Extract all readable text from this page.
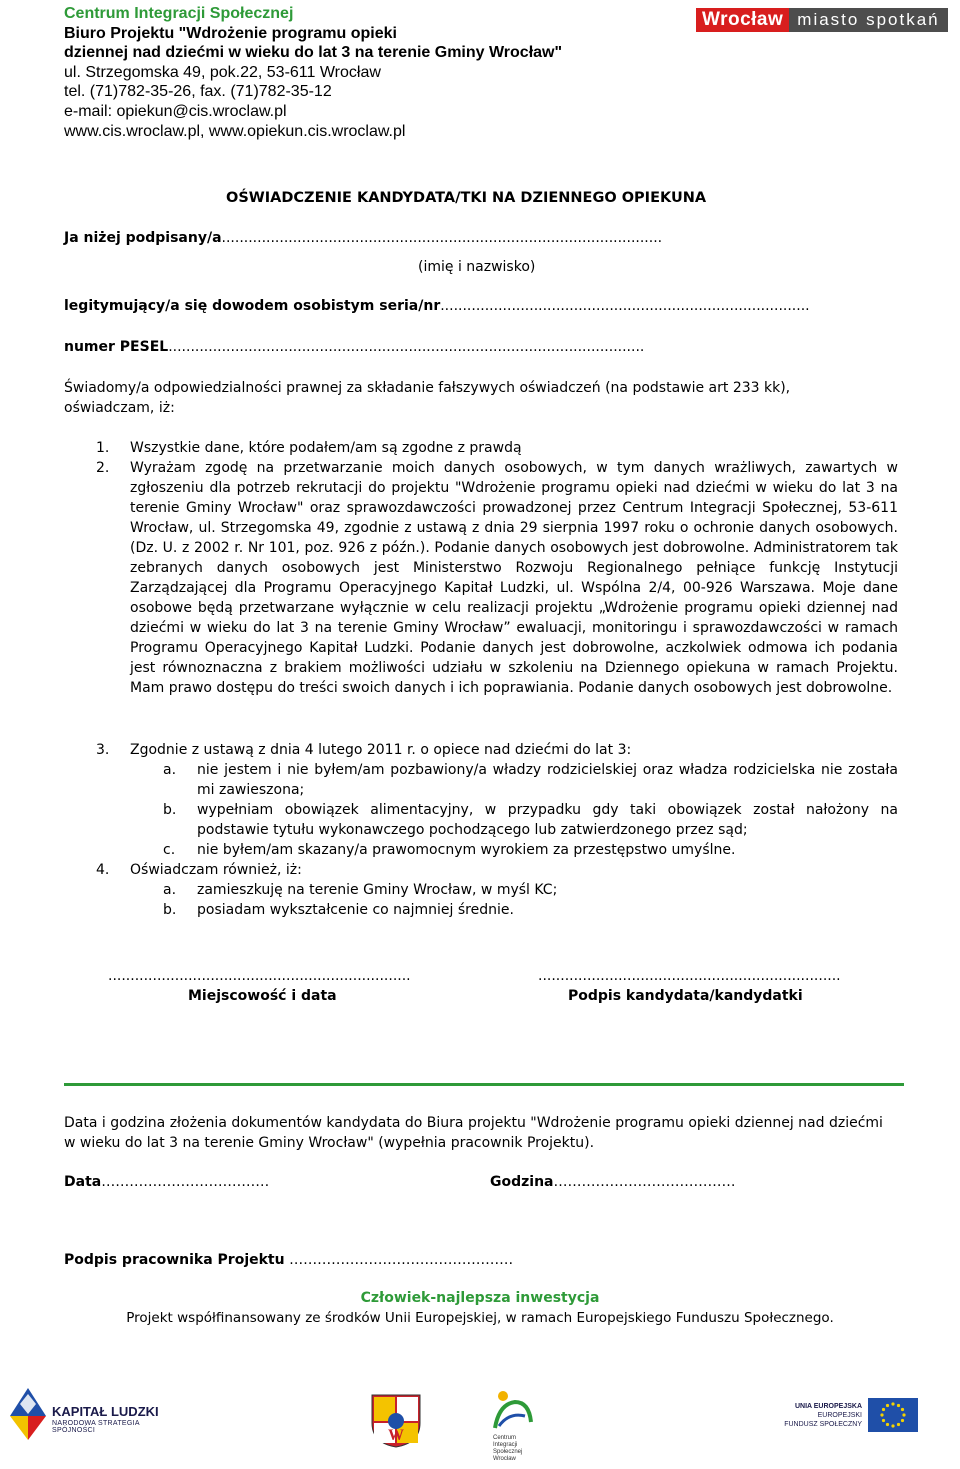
Centrum Integracji Społecznej
Biuro Projektu "Wdrożenie programu opieki
dziennej nad dziećmi w wieku do lat 3 na terenie Gminy Wrocław"
ul. Strzegomska 49, pok.22, 53-611 Wrocław
tel. (71)782-35-26, fax. (71)782-35-12
e-mail: opiekun@cis.wroclaw.pl
www.cis.wroclaw.pl, www.opiekun.cis.wroclaw.pl
Wrocław miasto spotkań
OŚWIADCZENIE KANDYDATA/TKI NA DZIENNEGO OPIEKUNA
Ja niżej podpisany/a...................................................................................................
(imię i nazwisko)
legitymujący/a się dowodem osobistym seria/nr...................................................................................
numer PESEL...........................................................................................................
Świadomy/a odpowiedzialności prawnej za składanie fałszywych oświadczeń (na podstawie art 233 kk), oświadczam, iż:
1. Wszystkie dane, które podałem/am są zgodne z prawdą
2. Wyrażam zgodę na przetwarzanie moich danych osobowych, w tym danych wrażliwych, zawartych w zgłoszeniu dla potrzeb rekrutacji do projektu "Wdrożenie programu opieki nad dziećmi w wieku do lat 3 na terenie Gminy Wrocław" oraz sprawozdawczości prowadzonej przez Centrum Integracji Społecznej, 53-611 Wrocław, ul. Strzegomska 49, zgodnie z ustawą z dnia 29 sierpnia 1997 roku o ochronie danych osobowych. (Dz. U. z 2002 r. Nr 101, poz. 926 z późn.). Podanie danych osobowych jest dobrowolne. Administratorem tak zebranych danych osobowych jest Ministerstwo Rozwoju Regionalnego pełniące funkcję Instytucji Zarządzającej dla Programu Operacyjnego Kapitał Ludzki, ul. Wspólna 2/4, 00-926 Warszawa. Moje dane osobowe będą przetwarzane wyłącznie w celu realizacji projektu „Wdrożenie programu opieki dziennej nad dziećmi w wieku do lat 3 na terenie Gminy Wrocław” ewaluacji, monitoringu i sprawozdawczości w ramach Programu Operacyjnego Kapitał Ludzki. Podanie danych jest dobrowolne, aczkolwiek odmowa ich podania jest równoznaczna z brakiem możliwości udziału w szkoleniu na Dziennego opiekuna w ramach Projektu. Mam prawo dostępu do treści swoich danych i ich poprawiania. Podanie danych osobowych jest dobrowolne.
3. Zgodnie z ustawą z dnia 4 lutego 2011 r. o opiece nad dziećmi do lat 3:
a. nie jestem i nie byłem/am pozbawiony/a władzy rodzicielskiej oraz władza rodzicielska nie została mi zawieszona;
b. wypełniam obowiązek alimentacyjny, w przypadku gdy taki obowiązek został nałożony na podstawie tytułu wykonawczego pochodzącego lub zatwierdzonego przez sąd;
c. nie byłem/am skazany/a prawomocnym wyrokiem za przestępstwo umyślne.
4. Oświadczam również, iż:
a. zamieszkuję na terenie Gminy Wrocław, w myśl KC;
b. posiadam wykształcenie co najmniej średnie.
....................................................................	....................................................................
Miejscowość i data	Podpis kandydata/kandydatki
Data i godzina złożenia dokumentów kandydata do Biura projektu "Wdrożenie programu opieki dziennej nad dziećmi w wieku do lat 3 na terenie Gminy Wrocław" (wypełnia pracownik Projektu).
Data………………………………	Godzina…………………………………
Podpis pracownika Projektu …………………………………………
Człowiek-najlepsza inwestycja
Projekt współfinansowany ze środków Unii Europejskiej, w ramach Europejskiego Funduszu Społecznego.
KAPITAŁ LUDZKI
NARODOWA STRATEGIA SPÓJNOŚCI	W	Centrum Integracji Społecznej Wrocław
UNIA EUROPEJSKA
EUROPEJSKI
FUNDUSZ SPOŁECZNY
